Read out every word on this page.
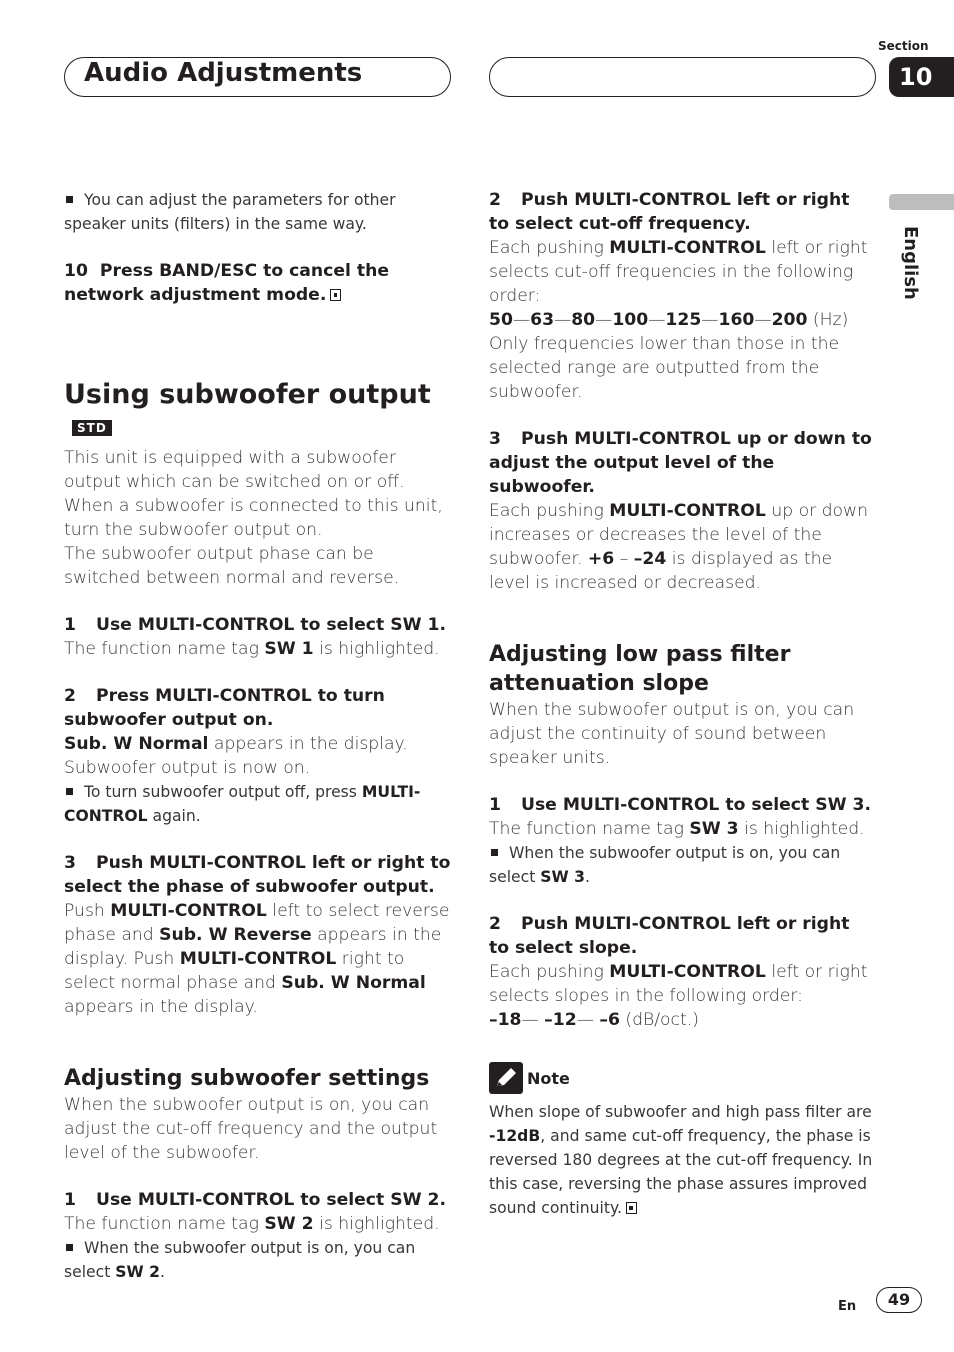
Audio Adjustments
Section
10
English

You can adjust the parameters for other speaker units (filters) in the same way.

10 Press BAND/ESC to cancel the network adjustment mode.

Using subwoofer outputSTD

This unit is equipped with a subwoofer output which can be switched on or off. When a subwoofer is connected to this unit, turn the subwoofer output on.

The subwoofer output phase can be switched between normal and reverse.

1 Use MULTI-CONTROL to select SW 1.

The function name tag SW 1 is highlighted.

2 Press MULTI-CONTROL to turn subwoofer output on.

Sub. W Normal appears in the display. Subwoofer output is now on.

To turn subwoofer output off, press MULTI-CONTROL again.

3 Push MULTI-CONTROL left or right to select the phase of subwoofer output.

Push MULTI-CONTROL left to select reverse phase and Sub. W Reverse appears in the display. Push MULTI-CONTROL right to select normal phase and Sub. W Normal appears in the display.

Adjusting subwoofer settings

When the subwoofer output is on, you can adjust the cut-off frequency and the output level of the subwoofer.

1 Use MULTI-CONTROL to select SW 2.

The function name tag SW 2 is highlighted.

When the subwoofer output is on, you can select SW 2.

2 Push MULTI-CONTROL left or right to select cut-off frequency.

Each pushing MULTI-CONTROL left or right selects cut-off frequencies in the following order:

50—63—80—100—125—160—200 (Hz)

Only frequencies lower than those in the selected range are outputted from the subwoofer.

3 Push MULTI-CONTROL up or down to adjust the output level of the subwoofer.

Each pushing MULTI-CONTROL up or down increases or decreases the level of the subwoofer. +6 – –24 is displayed as the level is increased or decreased.

Adjusting low pass filter attenuation slope

When the subwoofer output is on, you can adjust the continuity of sound between speaker units.

1 Use MULTI-CONTROL to select SW 3.

The function name tag SW 3 is highlighted.

When the subwoofer output is on, you can select SW 3.

2 Push MULTI-CONTROL left or right to select slope.

Each pushing MULTI-CONTROL left or right selects slopes in the following order:

–18— –12— –6 (dB/oct.)

Note

When slope of subwoofer and high pass filter are -12dB, and same cut-off frequency, the phase is reversed 180 degrees at the cut-off frequency. In this case, reversing the phase assures improved sound continuity.

En	49
